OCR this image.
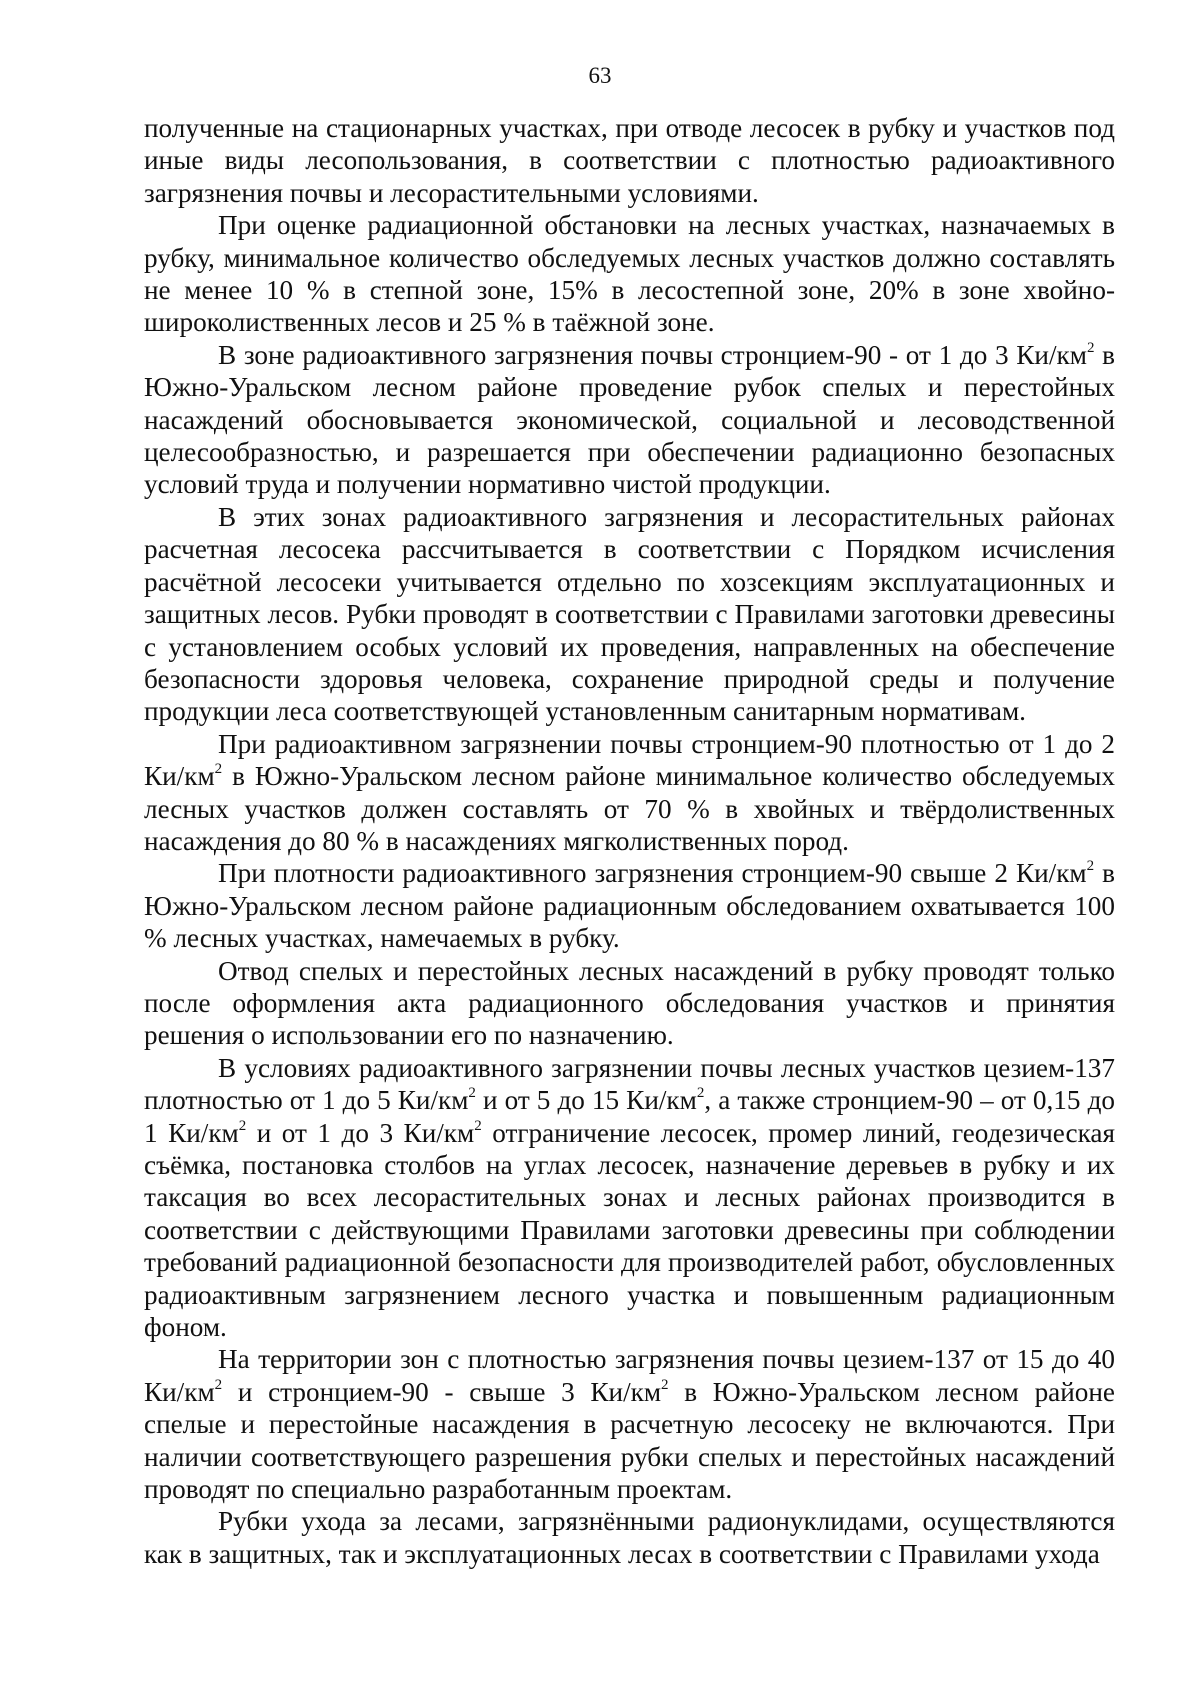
63

полученные на стационарных участках, при отводе лесосек в рубку и участков под иные виды лесопользования, в соответствии с плотностью радиоактивного загрязнения почвы и лесорастительными условиями.

При оценке радиационной обстановки на лесных участках, назначаемых в рубку, минимальное количество обследуемых лесных участков должно составлять не менее 10 % в степной зоне, 15% в лесостепной зоне, 20% в зоне хвойно-широколиственных лесов и 25 % в таёжной зоне.

В зоне радиоактивного загрязнения почвы стронцием-90 - от 1 до 3 $Ки/км^2$ в Южно-Уральском лесном районе проведение рубок спелых и перестойных насаждений обосновывается экономической, социальной и лесоводственной целесообразностью, и разрешается при обеспечении радиационно безопасных условий труда и получении нормативно чистой продукции.

В этих зонах радиоактивного загрязнения и лесорастительных районах расчетная лесосека рассчитывается в соответствии с Порядком исчисления расчётной лесосеки учитывается отдельно по хозсекциям эксплуатационных и защитных лесов. Рубки проводят в соответствии с Правилами заготовки древесины с установлением особых условий их проведения, направленных на обеспечение безопасности здоровья человека, сохранение природной среды и получение продукции леса соответствующей установленным санитарным нормативам.

При радиоактивном загрязнении почвы стронцием-90 плотностью от 1 до 2 $Ки/км^2$ в Южно-Уральском лесном районе минимальное количество обследуемых лесных участков должен составлять от 70 % в хвойных и твёрдолиственных насаждения до 80 % в насаждениях мягколиственных пород.

При плотности радиоактивного загрязнения стронцием-90 свыше 2 $Ки/км^2$ в Южно-Уральском лесном районе радиационным обследованием охватывается 100 % лесных участках, намечаемых в рубку.

Отвод спелых и перестойных лесных насаждений в рубку проводят только после оформления акта радиационного обследования участков и принятия решения о использовании его по назначению.

В условиях радиоактивного загрязнении почвы лесных участков цезием-137 плотностью от 1 до 5 $Ки/км^2$ и от 5 до 15 $Ки/км^2$, а также стронцием-90 – от 0,15 до 1 $Ки/км^2$ и от 1 до 3 $Ки/км^2$ отграничение лесосек, промер линий, геодезическая съёмка, постановка столбов на углах лесосек, назначение деревьев в рубку и их таксация во всех лесорастительных зонах и лесных районах производится в соответствии с действующими Правилами заготовки древесины при соблюдении требований радиационной безопасности для производителей работ, обусловленных радиоактивным загрязнением лесного участка и повышенным радиационным фоном.

На территории зон с плотностью загрязнения почвы цезием-137 от 15 до 40 $Ки/км^2$ и стронцием-90 - свыше 3 $Ки/км^2$ в Южно-Уральском лесном районе спелые и перестойные насаждения в расчетную лесосеку не включаются. При наличии соответствующего разрешения рубки спелых и перестойных насаждений проводят по специально разработанным проектам.

Рубки ухода за лесами, загрязнёнными радионуклидами, осуществляются как в защитных, так и эксплуатационных лесах в соответствии с Правилами ухода
